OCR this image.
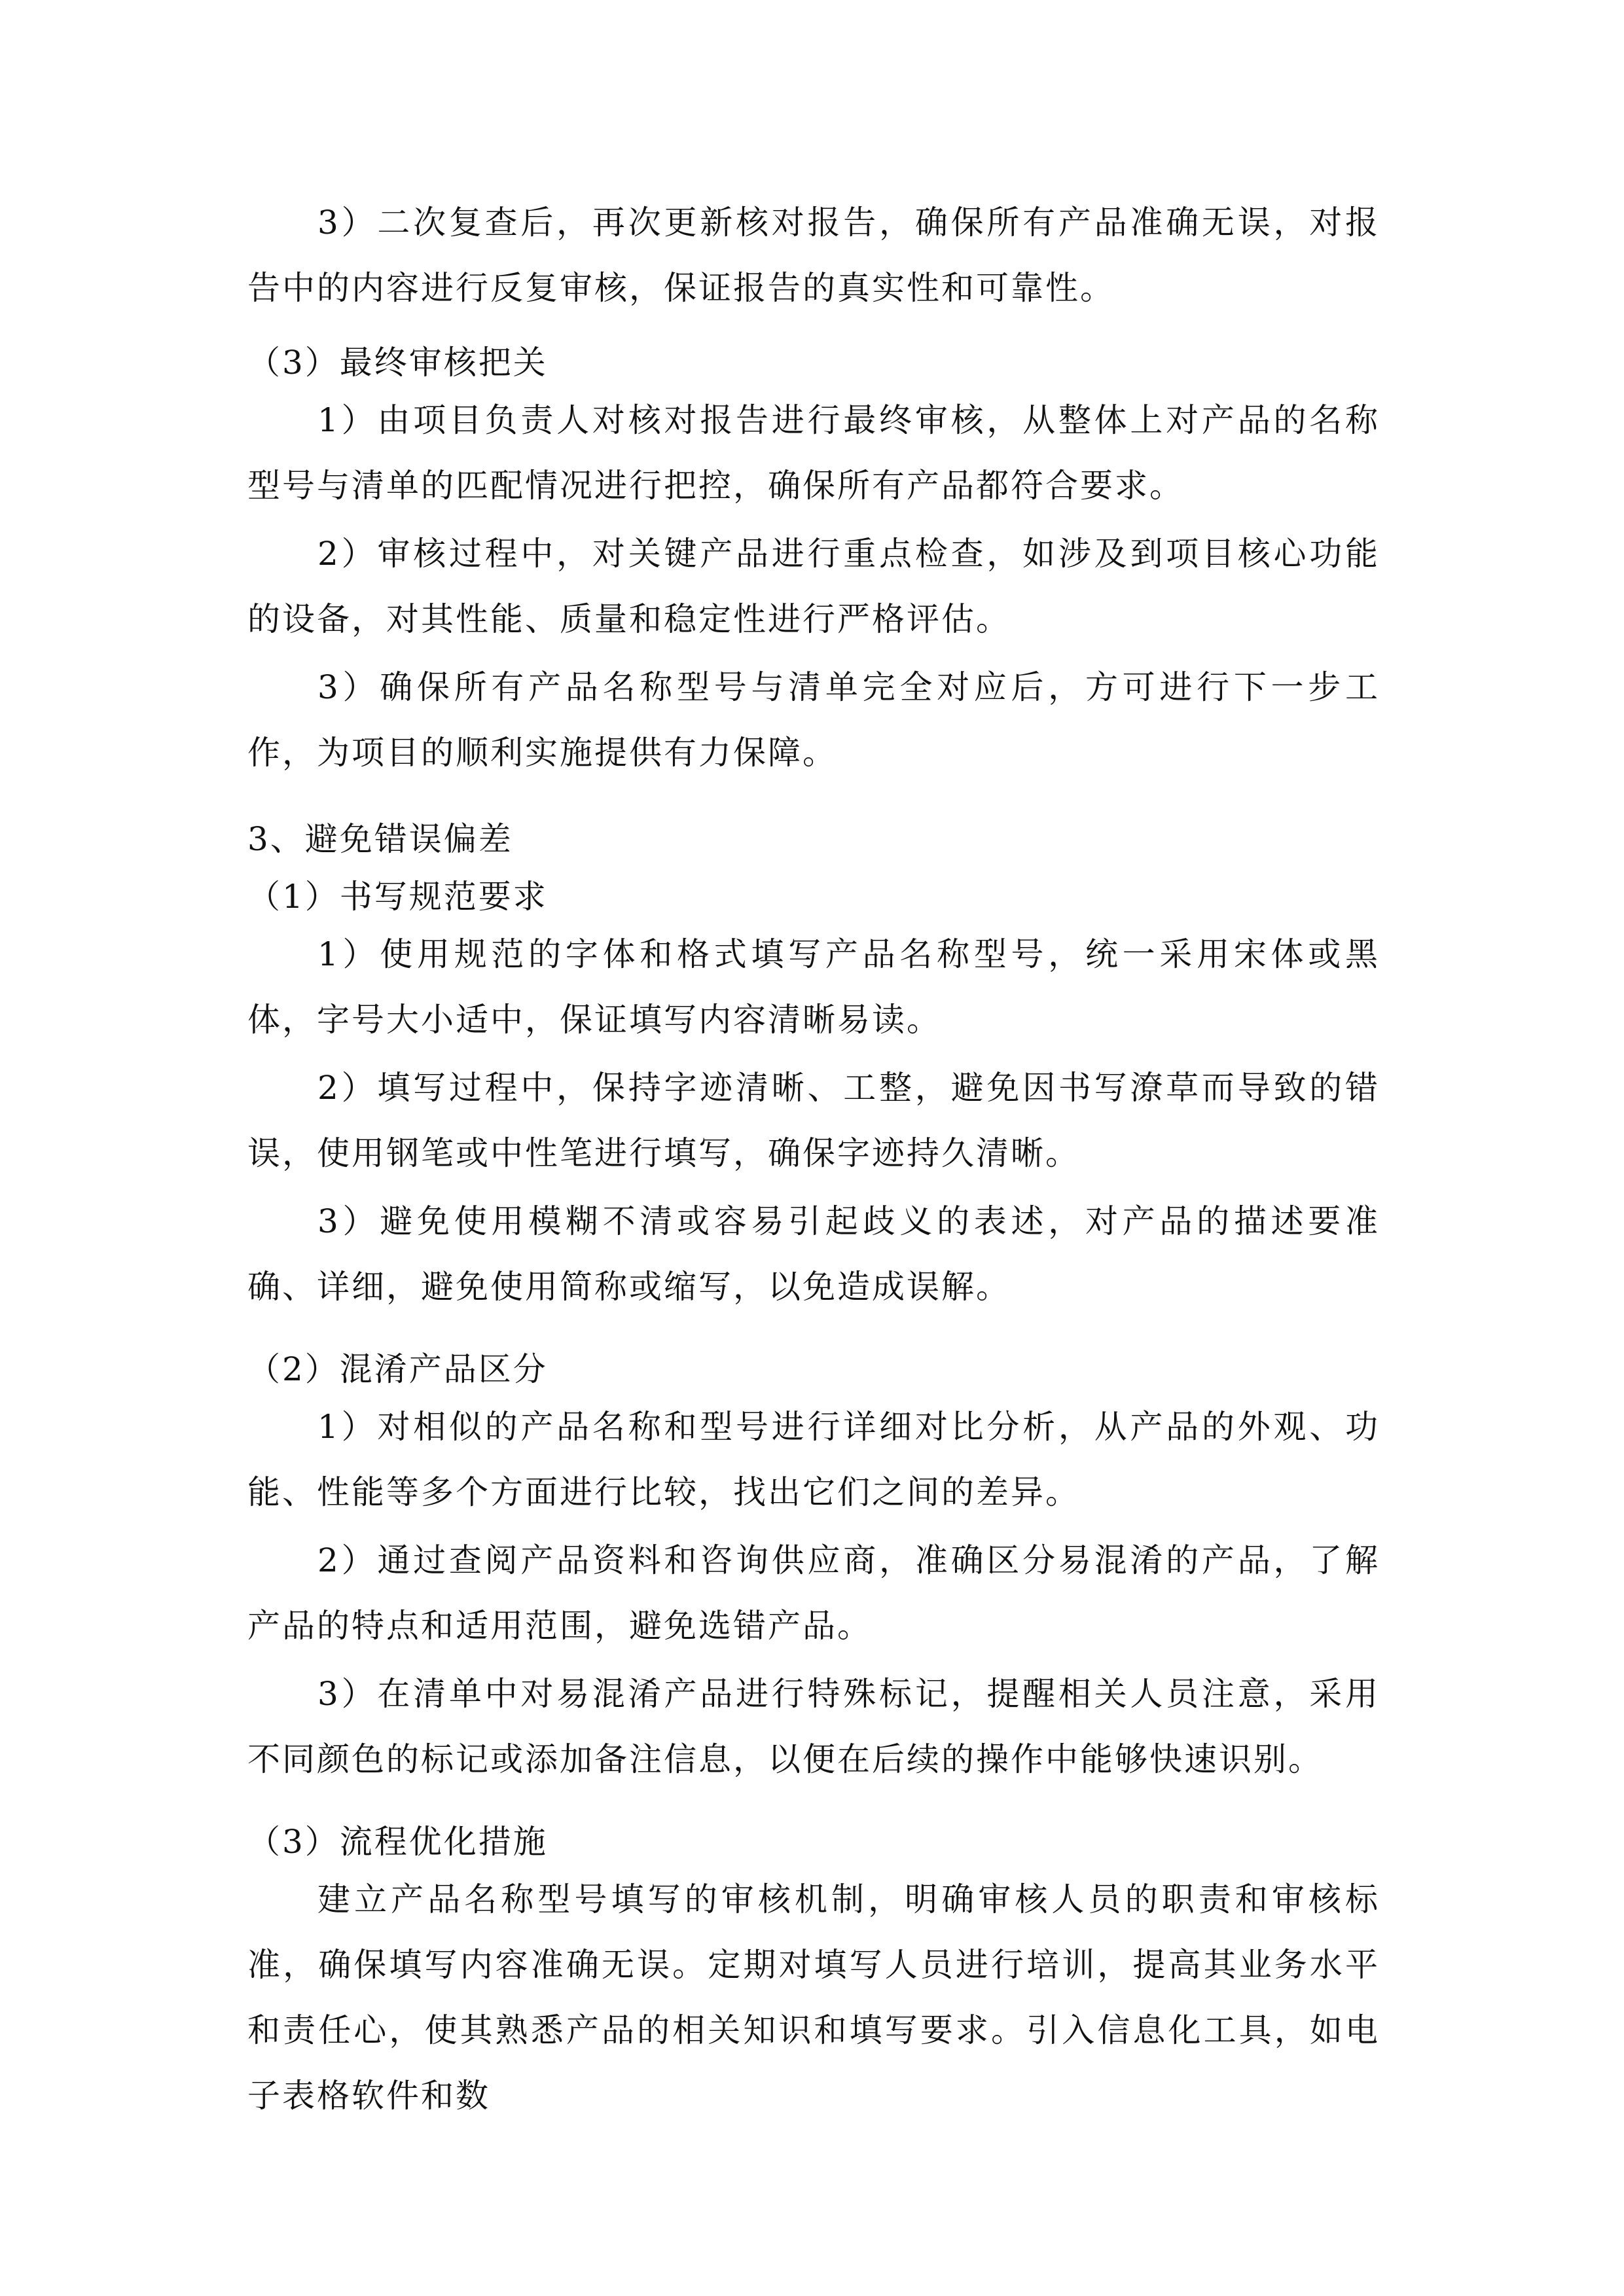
3）二次复查后，再次更新核对报告，确保所有产品准确无误，对报告中的内容进行反复审核，保证报告的真实性和可靠性。

（3）最终审核把关

1）由项目负责人对核对报告进行最终审核，从整体上对产品的名称型号与清单的匹配情况进行把控，确保所有产品都符合要求。

2）审核过程中，对关键产品进行重点检查，如涉及到项目核心功能的设备，对其性能、质量和稳定性进行严格评估。

3）确保所有产品名称型号与清单完全对应后，方可进行下一步工作，为项目的顺利实施提供有力保障。

3、避免错误偏差

（1）书写规范要求

1）使用规范的字体和格式填写产品名称型号，统一采用宋体或黑体，字号大小适中，保证填写内容清晰易读。

2）填写过程中，保持字迹清晰、工整，避免因书写潦草而导致的错误，使用钢笔或中性笔进行填写，确保字迹持久清晰。

3）避免使用模糊不清或容易引起歧义的表述，对产品的描述要准确、详细，避免使用简称或缩写，以免造成误解。

（2）混淆产品区分

1）对相似的产品名称和型号进行详细对比分析，从产品的外观、功能、性能等多个方面进行比较，找出它们之间的差异。

2）通过查阅产品资料和咨询供应商，准确区分易混淆的产品，了解产品的特点和适用范围，避免选错产品。

3）在清单中对易混淆产品进行特殊标记，提醒相关人员注意，采用不同颜色的标记或添加备注信息，以便在后续的操作中能够快速识别。

（3）流程优化措施

建立产品名称型号填写的审核机制，明确审核人员的职责和审核标准，确保填写内容准确无误。定期对填写人员进行培训，提高其业务水平和责任心，使其熟悉产品的相关知识和填写要求。引入信息化工具，如电子表格软件和数
